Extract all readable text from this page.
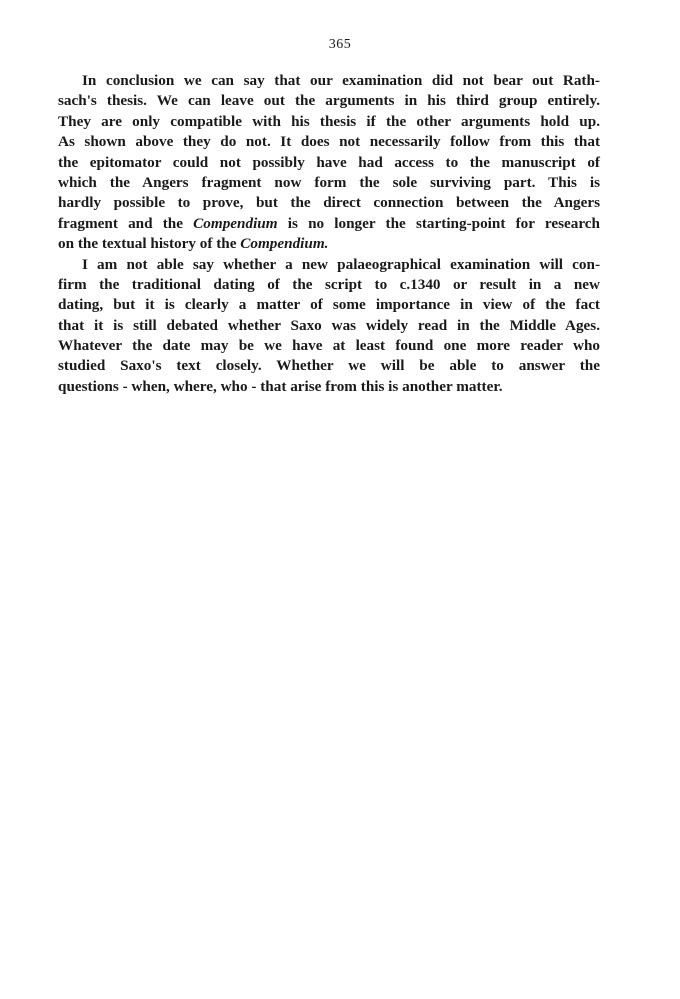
365
In conclusion we can say that our examination did not bear out Rath-
sach's thesis. We can leave out the arguments in his third group entirely.
They are only compatible with his thesis if the other arguments hold up.
As shown above they do not. It does not necessarily follow from this that
the epitomator could not possibly have had access to the manuscript of
which the Angers fragment now form the sole surviving part. This is
hardly possible to prove, but the direct connection between the Angers
fragment and the Compendium is no longer the starting-point for research
on the textual history of the Compendium.
I am not able say whether a new palaeographical examination will con-
firm the traditional dating of the script to c.1340 or result in a new
dating, but it is clearly a matter of some importance in view of the fact
that it is still debated whether Saxo was widely read in the Middle Ages.
Whatever the date may be we have at least found one more reader who
studied Saxo's text closely. Whether we will be able to answer the
questions - when, where, who - that arise from this is another matter.
